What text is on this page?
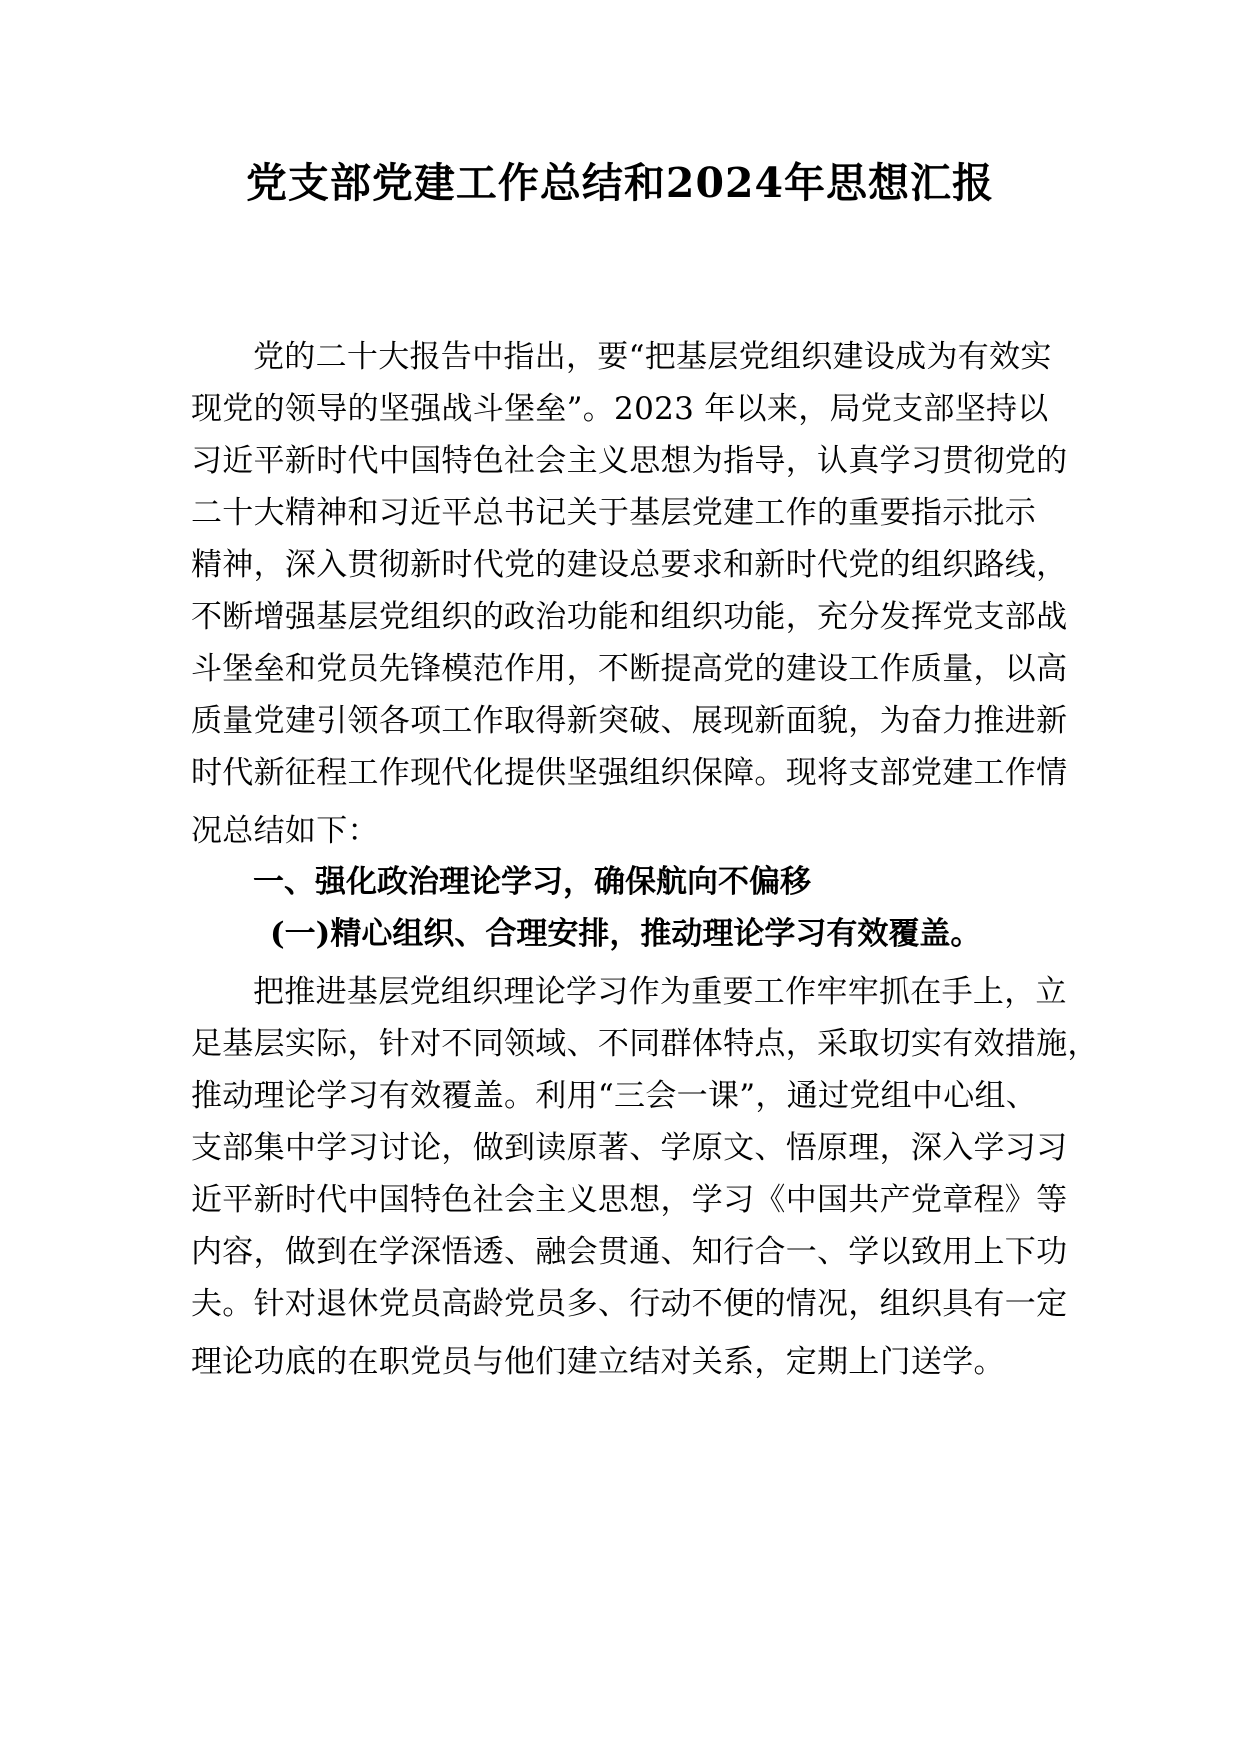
党支部党建工作总结和2024年思想汇报
党的二十大报告中指出，要“把基层党组织建设成为有效实
现党的领导的坚强战斗堡垒”。2023 年以来，局党支部坚持以
习近平新时代中国特色社会主义思想为指导，认真学习贯彻党的
二十大精神和习近平总书记关于基层党建工作的重要指示批示
精神，深入贯彻新时代党的建设总要求和新时代党的组织路线，
不断增强基层党组织的政治功能和组织功能，充分发挥党支部战
斗堡垒和党员先锋模范作用，不断提高党的建设工作质量，以高
质量党建引领各项工作取得新突破、展现新面貌，为奋力推进新
时代新征程工作现代化提供坚强组织保障。现将支部党建工作情
况总结如下：
一、强化政治理论学习，确保航向不偏移
(一)精心组织、合理安排，推动理论学习有效覆盖。
把推进基层党组织理论学习作为重要工作牢牢抓在手上，立
足基层实际，针对不同领域、不同群体特点，采取切实有效措施，
推动理论学习有效覆盖。利用“三会一课”，通过党组中心组、
支部集中学习讨论，做到读原著、学原文、悟原理，深入学习习
近平新时代中国特色社会主义思想，学习《中国共产党章程》等
内容，做到在学深悟透、融会贯通、知行合一、学以致用上下功
夫。针对退休党员高龄党员多、行动不便的情况，组织具有一定
理论功底的在职党员与他们建立结对关系，定期上门送学。
